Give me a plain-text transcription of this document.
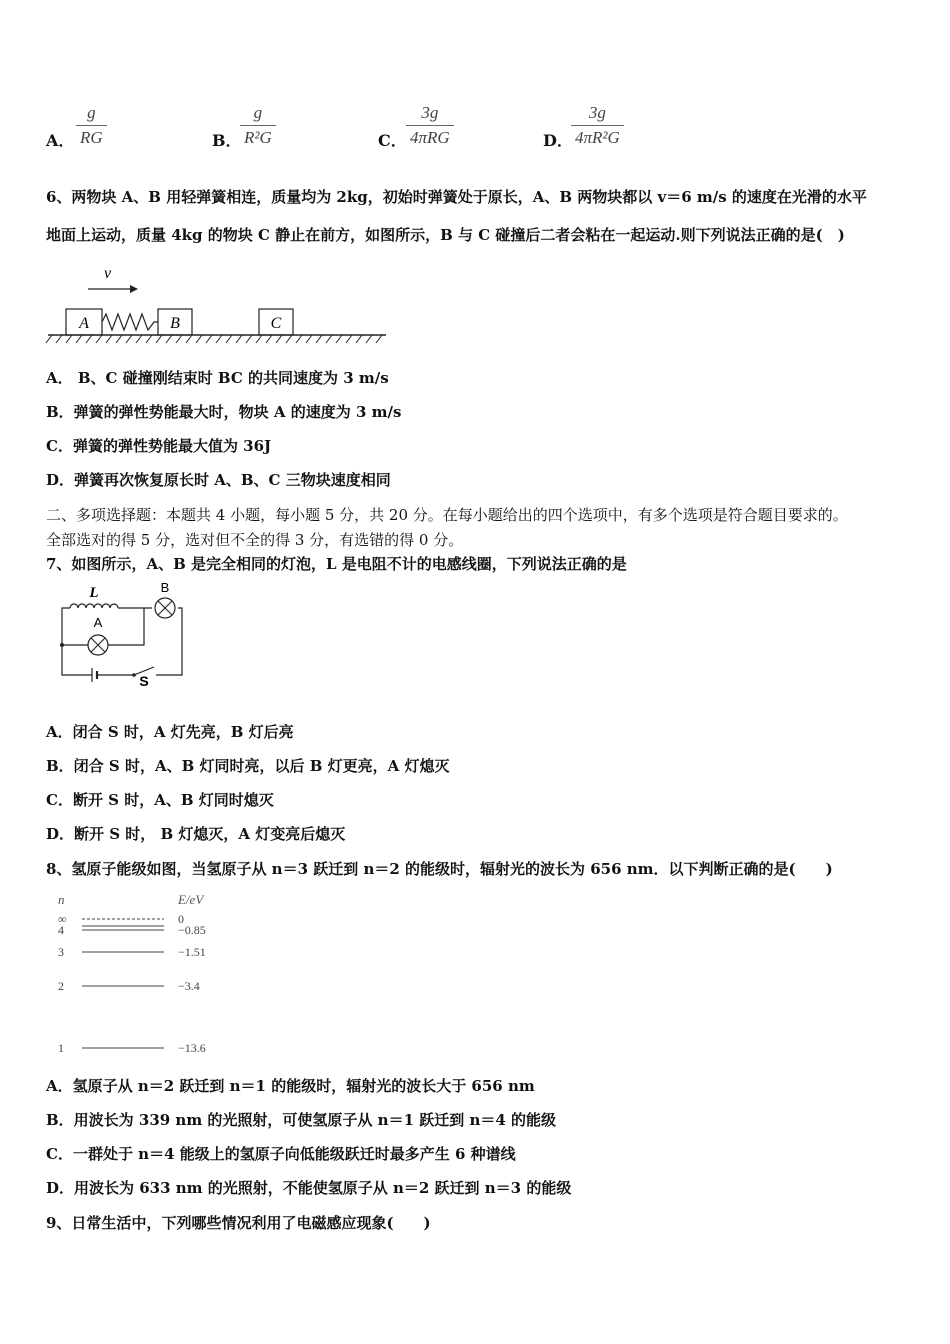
A．
g
RG	B．
g
R²G	C．
3g
4πRG	D．
3g
4πR²G
6、两物块 A、B 用轻弹簧相连，质量均为 2kg，初始时弹簧处于原长，A、B 两物块都以 v＝6 m/s 的速度在光滑的水平
地面上运动，质量 4kg 的物块 C 静止在前方，如图所示，B 与 C 碰撞后二者会粘在一起运动.则下列说法正确的是(　)
v
A	B	C
A． B、C 碰撞刚结束时 BC 的共同速度为 3 m/s
B．弹簧的弹性势能最大时，物块 A 的速度为 3 m/s
C．弹簧的弹性势能最大值为 36J
D．弹簧再次恢复原长时 A、B、C 三物块速度相同
二、多项选择题：本题共 4 小题，每小题 5 分，共 20 分。在每小题给出的四个选项中，有多个选项是符合题目要求的。
全部选对的得 5 分，选对但不全的得 3 分，有选错的得 0 分。
7、如图所示，A、B 是完全相同的灯泡，L 是电阻不计的电感线圈，下列说法正确的是
L	B
A
S
A．闭合 S 时，A 灯先亮，B 灯后亮
B．闭合 S 时，A、B 灯同时亮，以后 B 灯更亮，A 灯熄灭
C．断开 S 时，A、B 灯同时熄灭
D．断开 S 时， B 灯熄灭，A 灯变亮后熄灭
8、氢原子能级如图，当氢原子从 n＝3 跃迁到 n＝2 的能级时，辐射光的波长为 656 nm．以下判断正确的是(　　)
n	E/eV
∞	0
4	−0.85
3	−1.51
2	−3.4
1	−13.6
A．氢原子从 n＝2 跃迁到 n＝1 的能级时，辐射光的波长大于 656 nm
B．用波长为 339 nm 的光照射，可使氢原子从 n＝1 跃迁到 n＝4 的能级
C．一群处于 n＝4 能级上的氢原子向低能级跃迁时最多产生 6 种谱线
D．用波长为 633 nm 的光照射，不能使氢原子从 n＝2 跃迁到 n＝3 的能级
9、日常生活中，下列哪些情况利用了电磁感应现象(　　)
